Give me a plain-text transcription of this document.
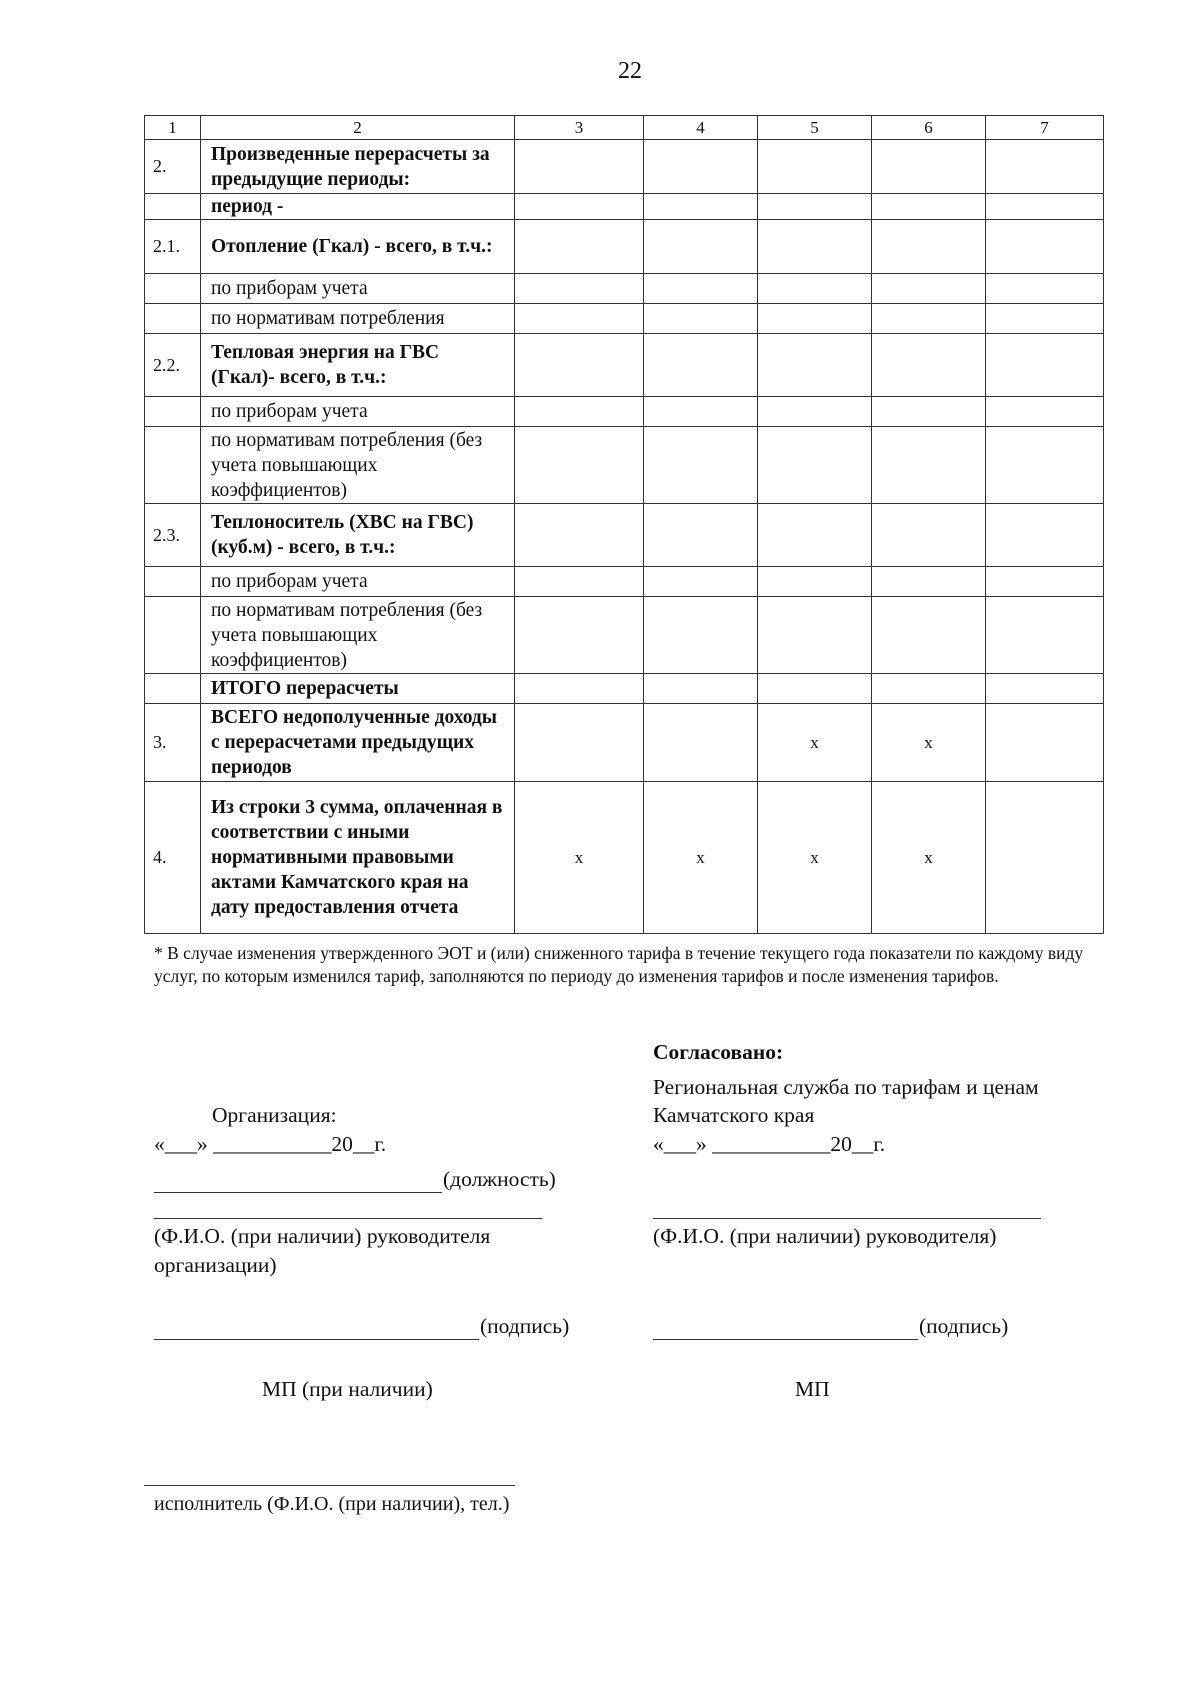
22
1	2	3	4	5	6	7
2.	Произведенные перерасчеты за предыдущие периоды:					
	период -					
2.1.	Отопление (Гкал) - всего, в т.ч.:					
	по приборам учета					
	по нормативам потребления					
2.2.	Тепловая энергия на ГВС (Гкал)- всего, в т.ч.:					
	по приборам учета					
	по нормативам потребления (без учета повышающих коэффициентов)					
2.3.	Теплоноситель (ХВС на ГВС) (куб.м) - всего, в т.ч.:					
	по приборам учета					
	по нормативам потребления (без учета повышающих коэффициентов)					
	ИТОГО перерасчеты					
3.	ВСЕГО недополученные доходы с перерасчетами предыдущих периодов			x	x	
4.	Из строки 3 сумма, оплаченная в соответствии с иными нормативными правовыми актами Камчатского края на дату предоставления отчета	x	x	x	x	
* В случае изменения утвержденного ЭОТ и (или) сниженного тарифа в течение текущего года показатели по каждому виду услуг, по которым изменился тариф, заполняются по периоду до изменения тарифов и после изменения тарифов.
Согласовано:
Региональная служба по тарифам и ценам
Камчатского края
«___» ___________20__г.
(Ф.И.О. (при наличии) руководителя)
(подпись)
МП
Организация:
«___» ___________20__г.
(должность)
(Ф.И.О. (при наличии) руководителя
организации)
(подпись)
МП (при наличии)
исполнитель (Ф.И.О. (при наличии), тел.)
